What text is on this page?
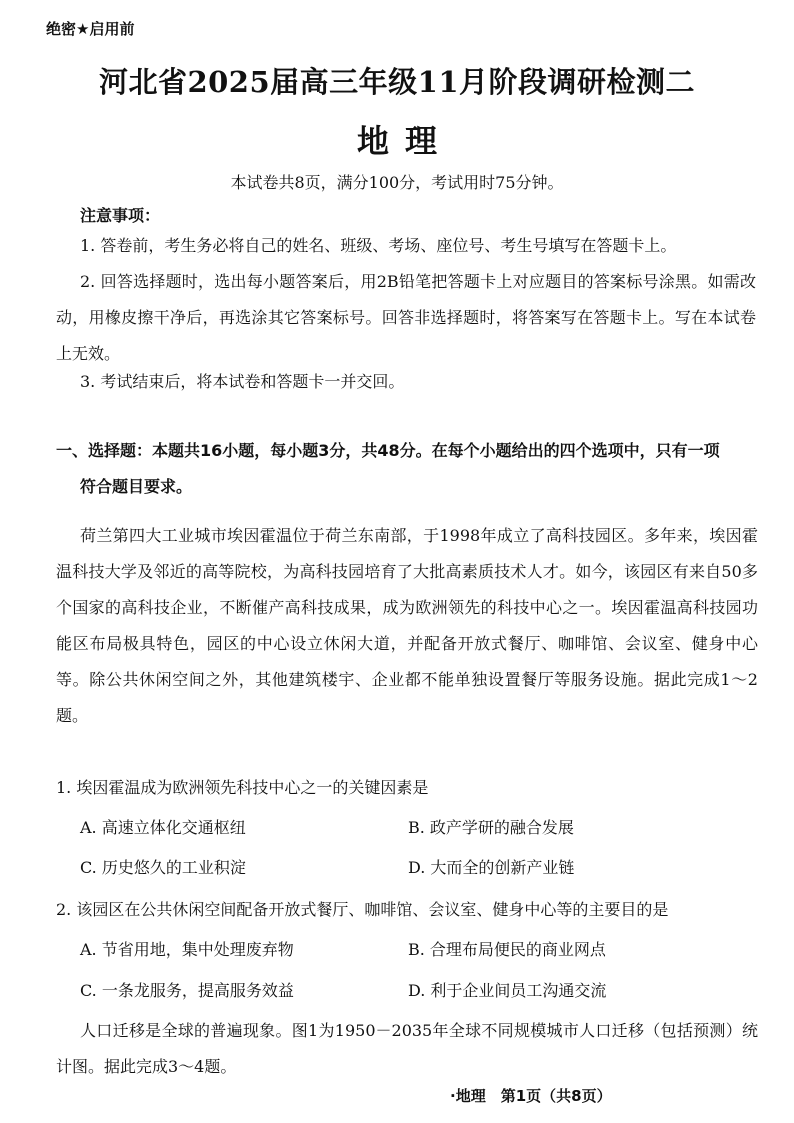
绝密★启用前
河北省2025届高三年级11月阶段调研检测二
地理
本试卷共8页，满分100分，考试用时75分钟。
注意事项：
1. 答卷前，考生务必将自己的姓名、班级、考场、座位号、考生号填写在答题卡上。
2. 回答选择题时，选出每小题答案后，用2B铅笔把答题卡上对应题目的答案标号涂黑。如需改动，用橡皮擦干净后，再选涂其它答案标号。回答非选择题时，将答案写在答题卡上。写在本试卷上无效。
3. 考试结束后，将本试卷和答题卡一并交回。
一、选择题：本题共16小题，每小题3分，共48分。在每个小题给出的四个选项中，只有一项
符合题目要求。
荷兰第四大工业城市埃因霍温位于荷兰东南部，于1998年成立了高科技园区。多年来，埃因霍温科技大学及邻近的高等院校，为高科技园培育了大批高素质技术人才。如今，该园区有来自50多个国家的高科技企业，不断催产高科技成果，成为欧洲领先的科技中心之一。埃因霍温高科技园功能区布局极具特色，园区的中心设立休闲大道，并配备开放式餐厅、咖啡馆、会议室、健身中心等。除公共休闲空间之外，其他建筑楼宇、企业都不能单独设置餐厅等服务设施。据此完成1～2题。
1. 埃因霍温成为欧洲领先科技中心之一的关键因素是
A. 高速立体化交通枢纽	B. 政产学研的融合发展
C. 历史悠久的工业积淀	D. 大而全的创新产业链
2. 该园区在公共休闲空间配备开放式餐厅、咖啡馆、会议室、健身中心等的主要目的是
A. 节省用地，集中处理废弃物	B. 合理布局便民的商业网点
C. 一条龙服务，提高服务效益	D. 利于企业间员工沟通交流
人口迁移是全球的普遍现象。图1为1950－2035年全球不同规模城市人口迁移（包括预测）统计图。据此完成3～4题。
·地理　第1页（共8页）
